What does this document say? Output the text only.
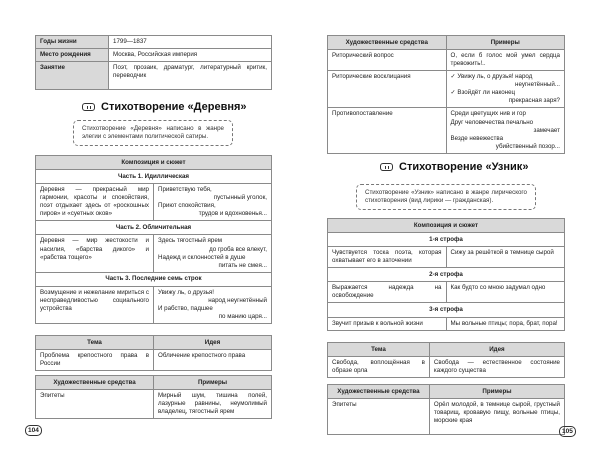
Годы жизни	1799—1837
Место рождения	Москва, Российская империя
Занятие	Поэт, прозаик, драматург, литературный критик, переводчик
Стихотворение «Деревня»
Стихотворение «Деревня» написано в жанре элегии с элементами политической сатиры.
Композиция и сюжет	
Часть 1. Идиллическая	
Деревня — прекрасный мир гармонии, красоты и спокойствия, поэт отдыхает здесь от «роскошных пиров» и «суетных оков»	Приветствую тебя,
пустынный уголок,
Приют спокойствия,
трудов и вдохновенья...

Часть 2. Обличительная	
Деревня — мир жестокости и насилия, «барства дикого» и «рабства тощего»	Здесь тягостный ярем
до гроба все влекут,
Надежд и склонностей в душе
питать не смея...

Часть 3. Последние семь строк	
Возмущение и нежелание мириться с несправедливостью социального устройства	Увижу ль, о друзья!
народ неугнетённый
И рабство, падшее
по манию царя...
Тема	Идея
Проблема крепостного права в России	Обличение крепостного права
Художественные средства	Примеры
Эпитеты	Мирный шум, тишина полей, лазурные равнины, неумолимый владелец, тягостный ярем
104
Художественные средства	Примеры
Риторический вопрос	О, если б голос мой умел сердца тревожить!..
Риторические восклицания	✓ Увижу ль, о друзья! народ
неугнетённый...
✓ Взойдёт ли наконец
прекрасная заря?

Противопоставление	Среди цветущих нив и гор
Друг человечества печально
замечает
Везде невежества
убийственный позор...
Стихотворение «Узник»
Стихотворение «Узник» написано в жанре лирического стихотворения (вид лирики — гражданская).
Композиция и сюжет	
1-я строфа	
Чувствуется тоска поэта, которая охватывает его в заточении	Сижу за решёткой в темнице сырой
2-я строфа	
Выражается надежда на освобождение	Как будто со мною задумал одно
3-я строфа	
Звучит призыв к вольной жизни	Мы вольные птицы; пора, брат, пора!
Тема	Идея
Свобода, воплощённая в образе орла	Свобода — естественное состояние каждого существа
Художественные средства	Примеры
Эпитеты	Орёл молодой, в темнице сырой, грустный товарищ, кровавую пищу, вольные птицы, морские края
105
